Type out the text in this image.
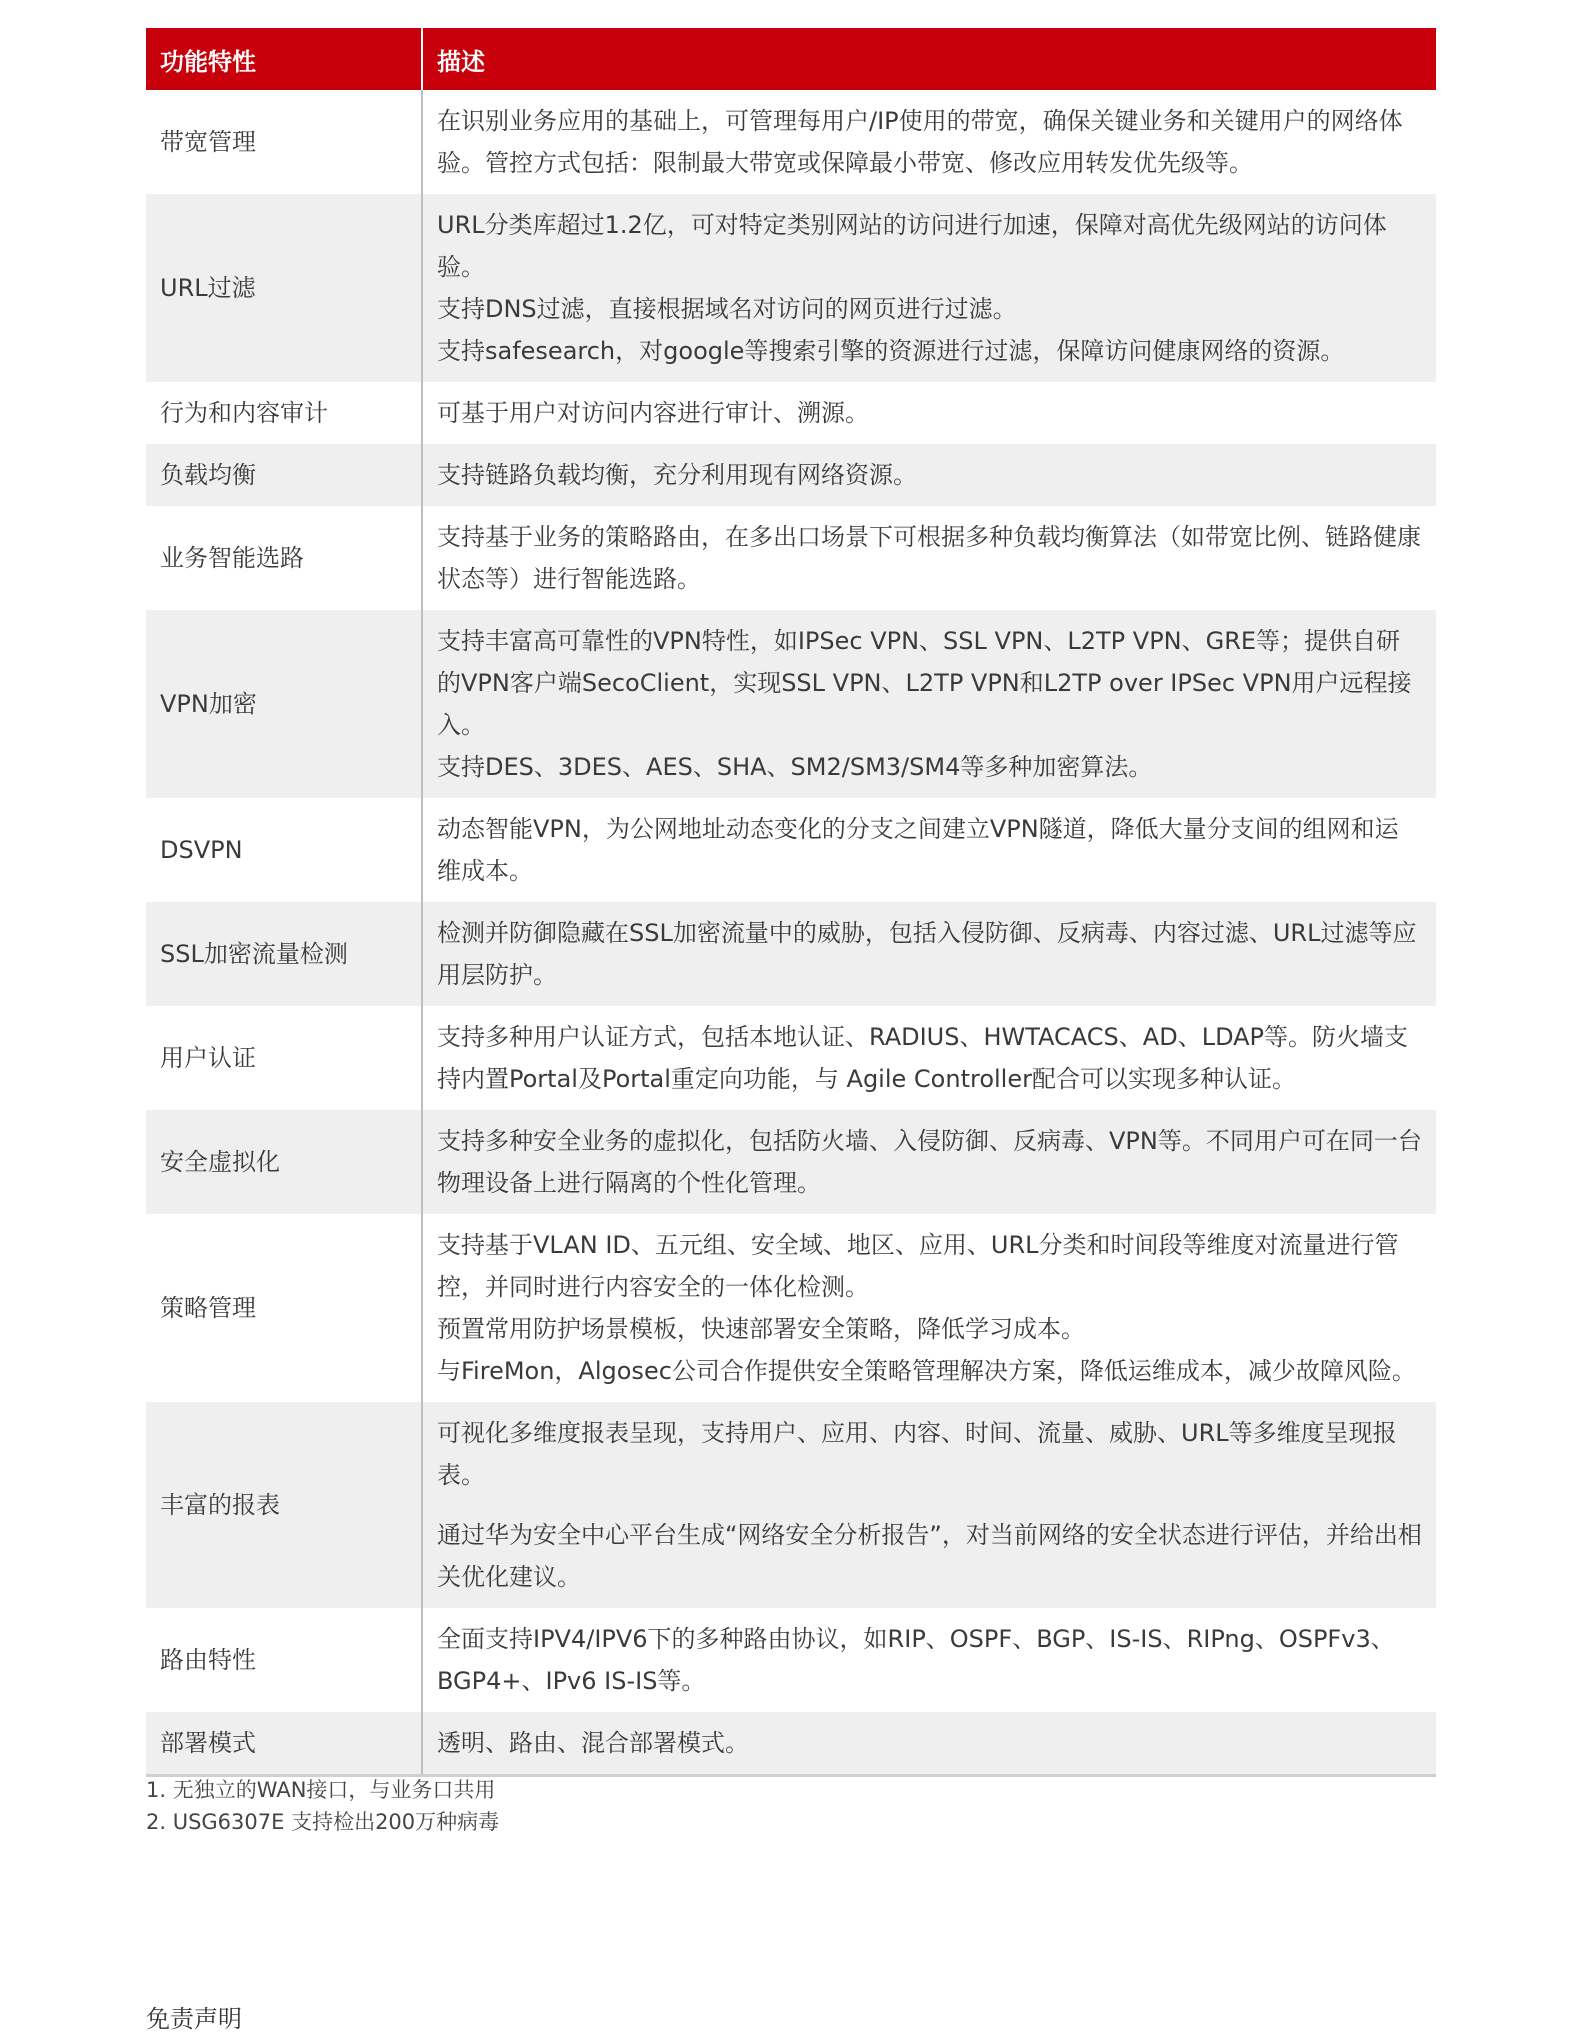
功能特性	描述
带宽管理	在识别业务应用的基础上，可管理每用户/IP使用的带宽，确保关键业务和关键用户的网络体验。管控方式包括：限制最大带宽或保障最小带宽、修改应用转发优先级等。

URL过滤	URL分类库超过1.2亿，可对特定类别网站的访问进行加速，保障对高优先级网站的访问体验。
支持DNS过滤，直接根据域名对访问的网页进行过滤。
支持safesearch，对google等搜索引擎的资源进行过滤，保障访问健康网络的资源。

行为和内容审计	可基于用户对访问内容进行审计、溯源。

负载均衡	支持链路负载均衡，充分利用现有网络资源。

业务智能选路	支持基于业务的策略路由，在多出口场景下可根据多种负载均衡算法（如带宽比例、链路健康状态等）进行智能选路。

VPN加密	支持丰富高可靠性的VPN特性，如IPSec VPN、SSL VPN、L2TP VPN、GRE等；提供自研的VPN客户端SecoClient，实现SSL VPN、L2TP VPN和L2TP over IPSec VPN用户远程接入。
支持DES、3DES、AES、SHA、SM2/SM3/SM4等多种加密算法。

DSVPN	动态智能VPN，为公网地址动态变化的分支之间建立VPN隧道，降低大量分支间的组网和运维成本。

SSL加密流量检测	检测并防御隐藏在SSL加密流量中的威胁，包括入侵防御、反病毒、内容过滤、URL过滤等应用层防护。

用户认证	支持多种用户认证方式，包括本地认证、RADIUS、HWTACACS、AD、LDAP等。防火墙支持内置Portal及Portal重定向功能，与 Agile Controller配合可以实现多种认证。

安全虚拟化	支持多种安全业务的虚拟化，包括防火墙、入侵防御、反病毒、VPN等。不同用户可在同一台物理设备上进行隔离的个性化管理。

策略管理	支持基于VLAN ID、五元组、安全域、地区、应用、URL分类和时间段等维度对流量进行管控，并同时进行内容安全的一体化检测。
预置常用防护场景模板，快速部署安全策略，降低学习成本。
与FireMon，Algosec公司合作提供安全策略管理解决方案，降低运维成本，减少故障风险。

丰富的报表	可视化多维度报表呈现，支持用户、应用、内容、时间、流量、威胁、URL等多维度呈现报表。
通过华为安全中心平台生成“网络安全分析报告”，对当前网络的安全状态进行评估，并给出相关优化建议。

路由特性	全面支持IPV4/IPV6下的多种路由协议，如RIP、OSPF、BGP、IS-IS、RIPng、OSPFv3、BGP4+、IPv6 IS-IS等。

部署模式	透明、路由、混合部署模式。
1. 无独立的WAN接口，与业务口共用
2. USG6307E 支持检出200万种病毒
免责声明
